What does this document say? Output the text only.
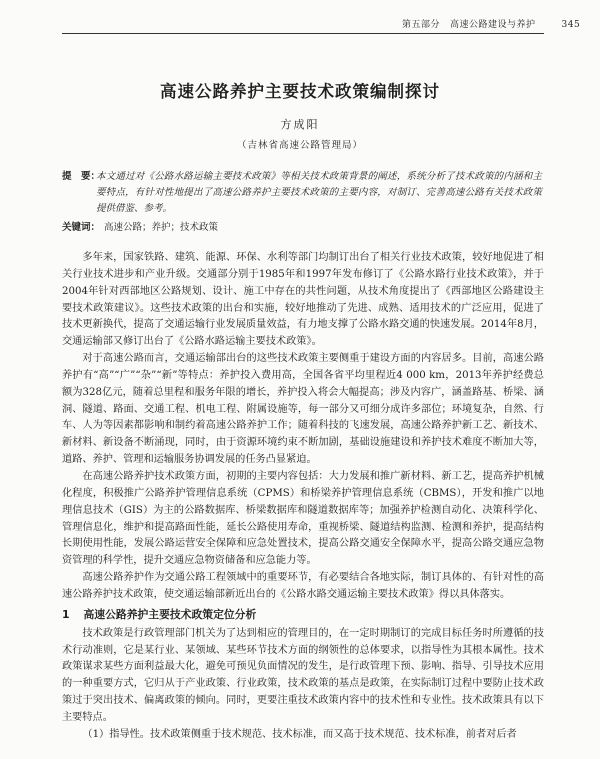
第五部分 高速公路建设与养护	345
高速公路养护主要技术政策编制探讨
方成阳
（吉林省高速公路管理局）
提　要：
本文通过对《公路水路运输主要技术政策》等相关技术政策背景的阐述，系统分析了技术政策的内涵和主要特点，有针对性地提出了高速公路养护主要技术政策的主要内容，对制订、完善高速公路有关技术政策提供借鉴、参考。
关键词： 高速公路；养护；技术政策

多年来，国家铁路、建筑、能源、环保、水利等部门均制订出台了相关行业技术政策，较好地促进了相关行业技术进步和产业升级。交通部分别于1985年和1997年发布修订了《公路水路行业技术政策》，并于2004年针对西部地区公路规划、设计、施工中存在的共性问题，从技术角度提出了《西部地区公路建设主要技术政策建议》。这些技术政策的出台和实施，较好地推动了先进、成熟、适用技术的广泛应用，促进了技术更新换代，提高了交通运输行业发展质量效益，有力地支撑了公路水路交通的快速发展。2014年8月，交通运输部又修订出台了《公路水路运输主要技术政策》。

对于高速公路而言，交通运输部出台的这些技术政策主要侧重于建设方面的内容居多。目前，高速公路养护有“高”“广”“杂”“新”等特点：养护投入费用高，全国各省平均里程近4 000 km，2013年养护经费总额为328亿元，随着总里程和服务年限的增长，养护投入将会大幅提高；涉及内容广，涵盖路基、桥梁、涵洞、隧道、路面、交通工程、机电工程、附属设施等，每一部分又可细分成许多部位；环境复杂，自然、行车、人为等因素都影响和制约着高速公路养护工作；随着科技的飞速发展，高速公路养护新工艺、新技术、新材料、新设备不断涌现，同时，由于资源环境约束不断加剧，基础设施建设和养护技术难度不断加大等，道路、养护、管理和运输服务协调发展的任务凸显紧迫。

在高速公路养护技术政策方面，初期的主要内容包括：大力发展和推广新材料、新工艺，提高养护机械化程度，积极推广公路养护管理信息系统（CPMS）和桥梁养护管理信息系统（CBMS），开发和推广以地理信息技术（GIS）为主的公路数据库、桥梁数据库和隧道数据库等；加强养护检测自动化、决策科学化、管理信息化，维护和提高路面性能，延长公路使用寿命，重视桥梁、隧道结构监测、检测和养护，提高结构长期使用性能，发展公路运营安全保障和应急处置技术，提高公路交通安全保障水平，提高公路交通应急物资管理的科学性，提升交通应急物资储备和应急能力等。

高速公路养护作为交通公路工程领域中的重要环节，有必要结合各地实际，制订具体的、有针对性的高速公路养护技术政策，使交通运输部新近出台的《公路水路交通运输主要技术政策》得以具体落实。

1 高速公路养护主要技术政策定位分析

技术政策是行政管理部门机关为了达到相应的管理目的，在一定时期制订的完成目标任务时所遵循的技术行动准则，它是某行业、某领域、某些环节技术方面的纲领性的总体要求，以指导性为其根本属性。技术政策谋求某些方面利益最大化，避免可预见负面情况的发生，是行政管理下预、影响、指导、引导技术应用的一种重要方式，它归从于产业政策、行业政策，技术政策的基点是政策，在实际制订过程中要防止技术政策过于突出技术、偏离政策的倾向。同时，更要注重技术政策内容中的技术性和专业性。技术政策具有以下主要特点。

（1）指导性。技术政策侧重于技术规范、技术标准，而又高于技术规范、技术标准，前者对后者
